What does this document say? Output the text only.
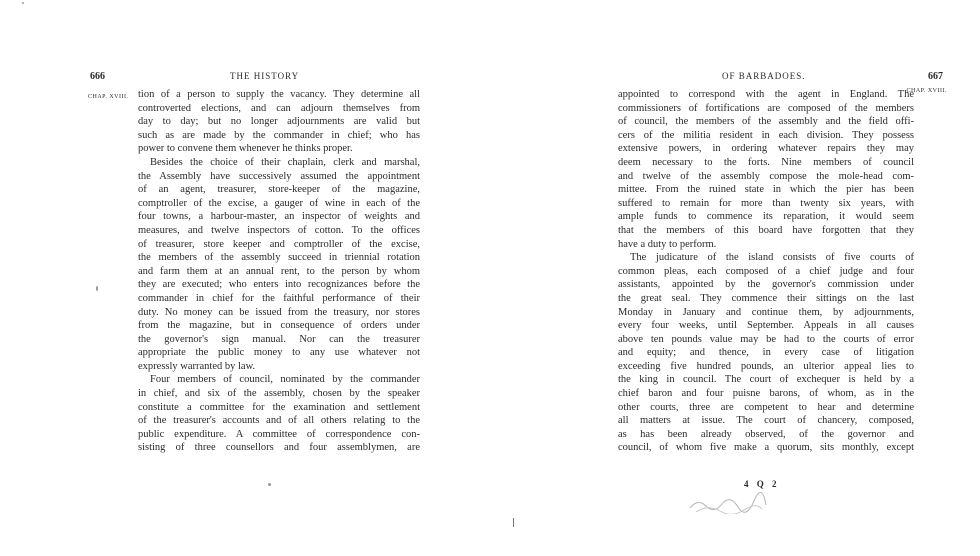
666	THE HISTORY
CHAP. XVIII. tion of a person to supply the vacancy. They determine all
controverted elections, and can adjourn themselves from
day to day; but no longer adjournments are valid but
such as are made by the commander in chief; who has
power to convene them whenever he thinks proper.
Besides the choice of their chaplain, clerk and marshal,
the Assembly have successively assumed the appointment
of an agent, treasurer, store-keeper of the magazine,
comptroller of the excise, a gauger of wine in each of the
four towns, a harbour-master, an inspector of weights and
measures, and twelve inspectors of cotton. To the offices
of treasurer, store keeper and comptroller of the excise,
the members of the assembly succeed in triennial rotation
and farm them at an annual rent, to the person by whom
they are executed; who enters into recognizances before the
commander in chief for the faithful performance of their
duty. No money can be issued from the treasury, nor stores
from the magazine, but in consequence of orders under
the governor's sign manual. Nor can the treasurer
appropriate the public money to any use whatever not
expressly warranted by law.
Four members of council, nominated by the commander
in chief, and six of the assembly, chosen by the speaker
constitute a committee for the examination and settlement
of the treasurer's accounts and of all others relating to the
public expenditure. A committee of correspondence con-
sisting of three counsellors and four assemblymen, are
OF BARBADOES.	667
CHAP. XVIII.
appointed to correspond with the agent in England. The
commissioners of fortifications are composed of the members
of council, the members of the assembly and the field offi-
cers of the militia resident in each division. They possess
extensive powers, in ordering whatever repairs they may
deem necessary to the forts. Nine members of council
and twelve of the assembly compose the mole-head com-
mittee. From the ruined state in which the pier has been
suffered to remain for more than twenty six years, with
ample funds to commence its reparation, it would seem
that the members of this board have forgotten that they
have a duty to perform.
The judicature of the island consists of five courts of
common pleas, each composed of a chief judge and four
assistants, appointed by the governor's commission under
the great seal. They commence their sittings on the last
Monday in January and continue them, by adjournments,
every four weeks, until September. Appeals in all causes
above ten pounds value may be had to the courts of error
and equity; and thence, in every case of litigation
exceeding five hundred pounds, an ulterior appeal lies to
the king in council. The court of exchequer is held by a
chief baron and four puisne barons, of whom, as in the
other courts, three are competent to hear and determine
all matters at issue. The court of chancery, composed,
as has been already observed, of the governor and
council, of whom five make a quorum, sits monthly, except
4 Q 2
